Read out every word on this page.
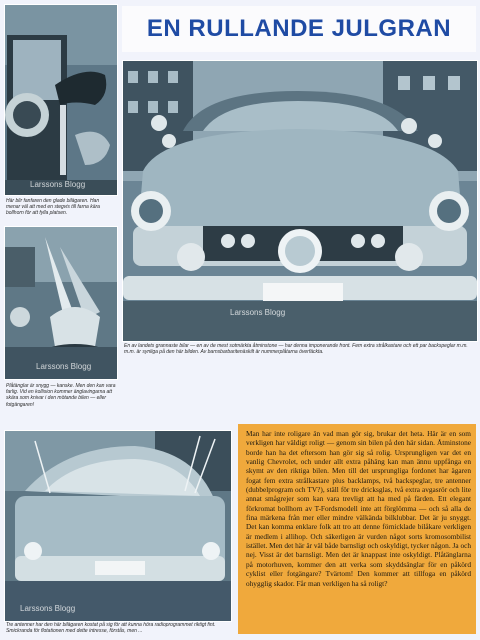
Larssons Blogg
Här blir fanfaren den glade bilägaren. Han menar väl att med en stegvis till farna kära bollhorn för att fylla platsen.
Larssons Blogg
Plåtänglar är snygg — kanske. Men den kan vara farlig. Vid en kollision kommer änglavingarna att skära som knivar i den mötande bilen — eller fotgängaren!
EN RULLANDE JULGRAN
Larssons Blogg
En av landets grannaste bilar — en av de mest sotmärkta åtminstone — har denna imponerande front. Fem extra strålkastare och ett par backspeglar m.m. m.m. är synliga på den här bilden. Av barnsbarbaritenäskilt är nummerplåtarna överfäckta.
Larssons Blogg
Tre antenner har den här bilägaren kostat på sig för att kunna höra radioprogrammet riktigt fint. Smickranda för flotationen med dette intresse, förstås, men ...
Man har inte roligare än vad man gör sig, brukar det heta. Här är en som verkligen har väldigt roligt — genom sin bilen på den här sidan. Åtminstone borde han ha det eftersom han gör sig så rolig. Ursprungligen var det en vanlig Chevrolet, och under allt extra påhäng kan man ännu uppfånga en skymt av den riktiga bilen. Men till det ursprungliga fordonet har ägaren fogat fem extra strålkastare plus backlamps, två backspeglar, tre antenner (dubbelprogram och TV?), ställ för tre dricksglas, två extra avgasrör och lite annat smågrejer som kan vara trevligt att ha med på färden. Ett elegant förkromat bollhorn av T-Fordsmodell inte att förglömma — och så alla de fina märkena från mer eller mindre välkända bilklubbar. Det är ju snyggt. Det kan komma enklare folk att tro att denne förnicklade bilåkare verkligen är medlem i allihop. Och säkerligen är vurden något sorts kromosombilist istället. Men det här är väl både barnsligt och oskyldigt, tycker någon. Ja och nej. Visst är det barnsligt. Men det är knappast inte oskyldigt. Plåtänglarna på motorhuven, kommer den att verka som skyddsänglar för en påkörd cyklist eller fotgängare? Tvärtom! Den kommer att tillfoga en påkörd ohygglig skador. Får man verkligen ha så roligt?
